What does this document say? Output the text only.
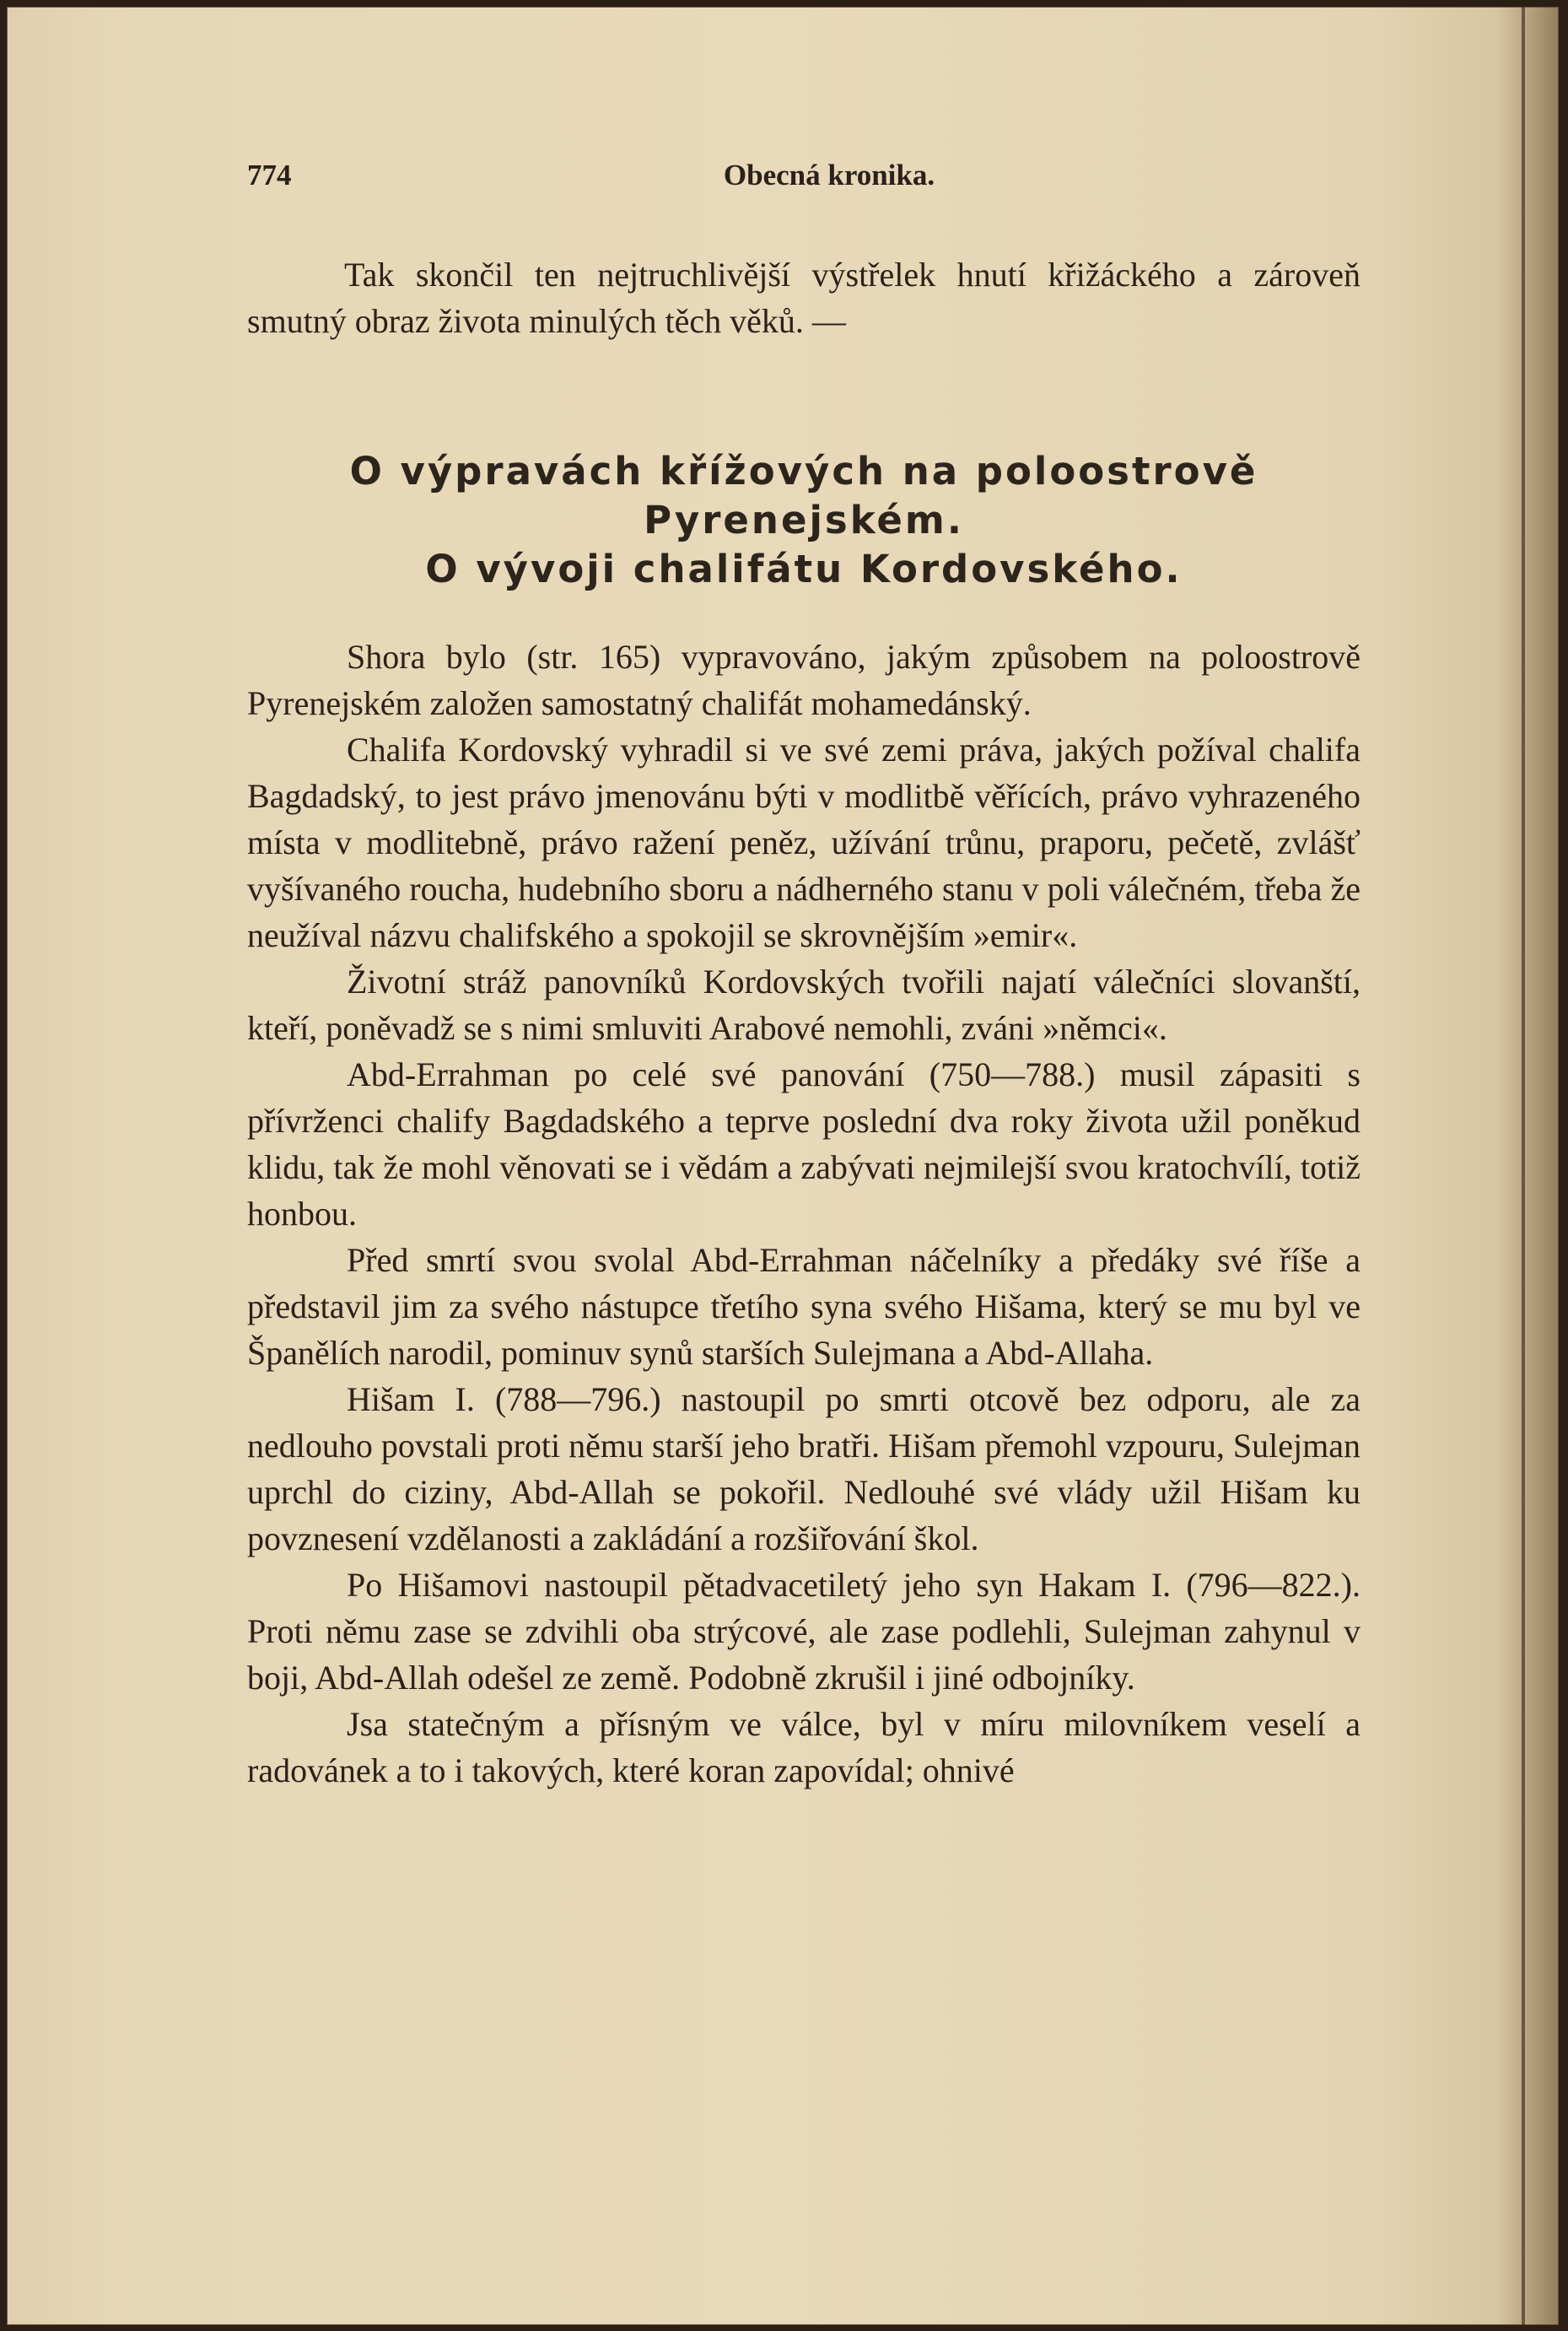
774	Obecná kronika.

Tak skončil ten nejtruchlivější výstřelek hnutí křižáckého a zároveň smutný obraz života minulých těch věků. —

O výpravách křížových na poloostrově
Pyrenejském.
O vývoji chalifátu Kordovského.

Shora bylo (str. 165) vypravováno, jakým způsobem na poloostrově Pyrenejském založen samostatný chalifát mohamedánský.

Chalifa Kordovský vyhradil si ve své zemi práva, jakých požíval chalifa Bagdadský, to jest právo jmenovánu býti v modlitbě věřících, právo vyhrazeného místa v modlitebně, právo ražení peněz, užívání trůnu, praporu, pečetě, zvlášť vyšívaného roucha, hudebního sboru a nádherného stanu v poli válečném, třeba že neužíval názvu chalifského a spokojil se skrovnějším »emir«.

Životní stráž panovníků Kordovských tvořili najatí válečníci slovanští, kteří, poněvadž se s nimi smluviti Arabové nemohli, zváni »němci«.

Abd-Errahman po celé své panování (750—788.) musil zápasiti s přívrženci chalify Bagdadského a teprve poslední dva roky života užil poněkud klidu, tak že mohl věnovati se i vědám a zabývati nejmilejší svou kratochvílí, totiž honbou.

Před smrtí svou svolal Abd-Errahman náčelníky a předáky své říše a představil jim za svého nástupce třetího syna svého Hišama, který se mu byl ve Španělích narodil, pominuv synů starších Sulejmana a Abd-Allaha.

Hišam I. (788—796.) nastoupil po smrti otcově bez odporu, ale za nedlouho povstali proti němu starší jeho bratři. Hišam přemohl vzpouru, Sulejman uprchl do ciziny, Abd-Allah se pokořil. Nedlouhé své vlády užil Hišam ku povznesení vzdělanosti a zakládání a rozšiřování škol.

Po Hišamovi nastoupil pětadvacetiletý jeho syn Hakam I. (796—822.). Proti němu zase se zdvihli oba strýcové, ale zase podlehli, Sulejman zahynul v boji, Abd-Allah odešel ze země. Podobně zkrušil i jiné odbojníky.

Jsa statečným a přísným ve válce, byl v míru milovníkem veselí a radovánek a to i takových, které koran zapovídal; ohnivé
